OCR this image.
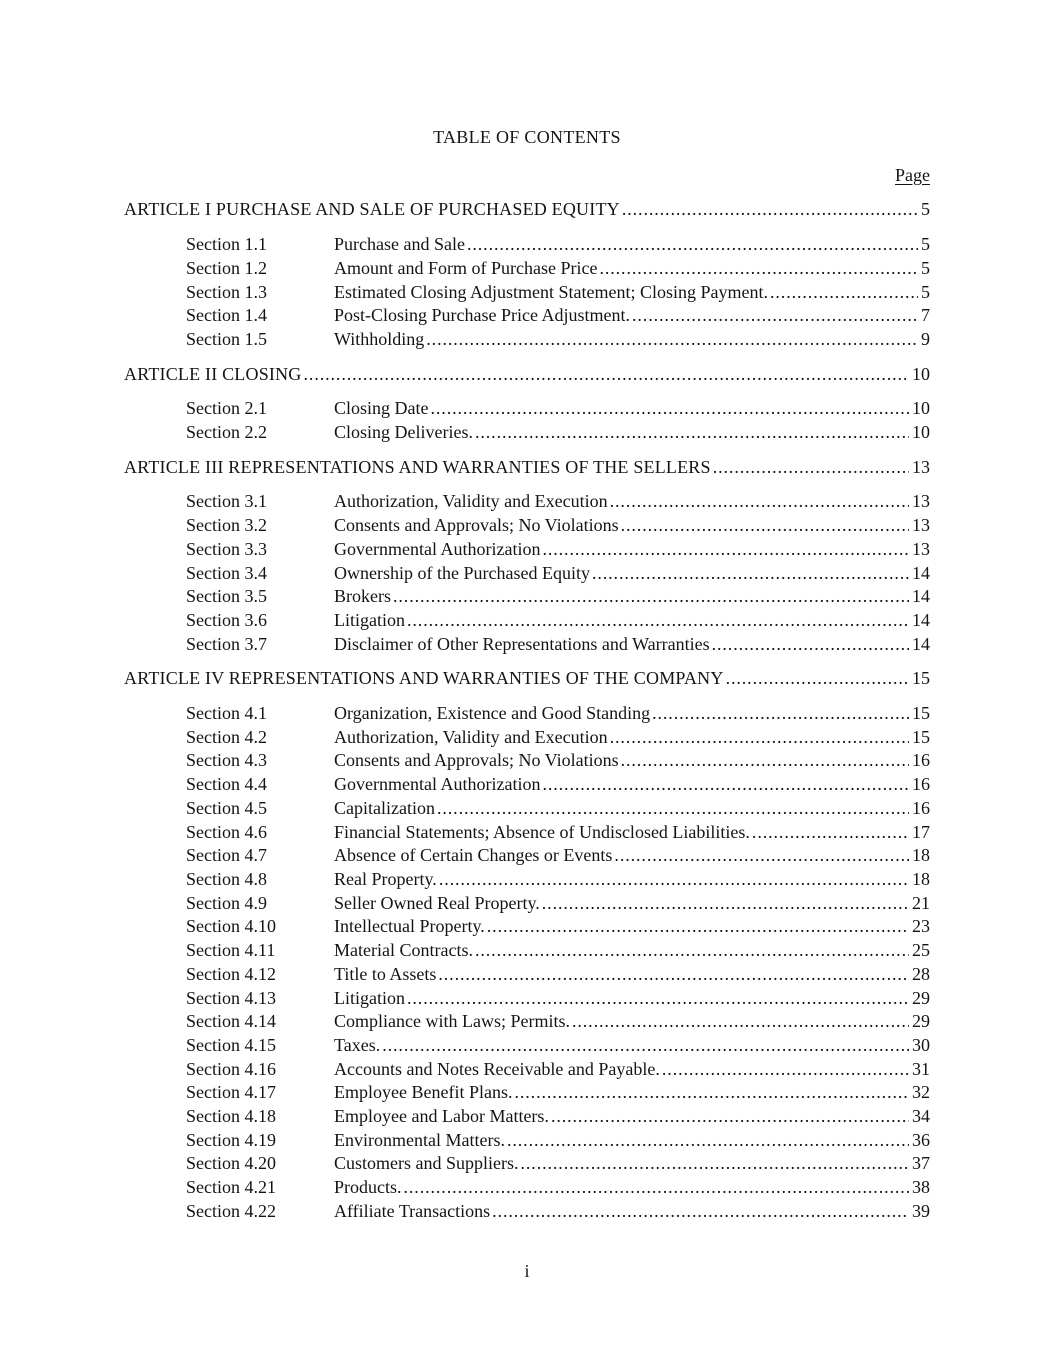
TABLE OF CONTENTS
Page
ARTICLE I PURCHASE AND SALE OF PURCHASED EQUITY .....	5
Section 1.1	Purchase and Sale .....	5
Section 1.2	Amount and Form of Purchase Price .....	5
Section 1.3	Estimated Closing Adjustment Statement; Closing Payment. .....	5
Section 1.4	Post-Closing Purchase Price Adjustment. .....	7
Section 1.5	Withholding .....	9
ARTICLE II CLOSING .....	10
Section 2.1	Closing Date .....	10
Section 2.2	Closing Deliveries. .....	10
ARTICLE III REPRESENTATIONS AND WARRANTIES OF THE SELLERS .....	13
Section 3.1	Authorization, Validity and Execution .....	13
Section 3.2	Consents and Approvals; No Violations .....	13
Section 3.3	Governmental Authorization .....	13
Section 3.4	Ownership of the Purchased Equity .....	14
Section 3.5	Brokers .....	14
Section 3.6	Litigation .....	14
Section 3.7	Disclaimer of Other Representations and Warranties .....	14
ARTICLE IV REPRESENTATIONS AND WARRANTIES OF THE COMPANY .....	15
Section 4.1	Organization, Existence and Good Standing .....	15
Section 4.2	Authorization, Validity and Execution .....	15
Section 4.3	Consents and Approvals; No Violations .....	16
Section 4.4	Governmental Authorization .....	16
Section 4.5	Capitalization .....	16
Section 4.6	Financial Statements; Absence of Undisclosed Liabilities. .....	17
Section 4.7	Absence of Certain Changes or Events .....	18
Section 4.8	Real Property. .....	18
Section 4.9	Seller Owned Real Property. .....	21
Section 4.10	Intellectual Property. .....	23
Section 4.11	Material Contracts. .....	25
Section 4.12	Title to Assets .....	28
Section 4.13	Litigation .....	29
Section 4.14	Compliance with Laws; Permits. .....	29
Section 4.15	Taxes. .....	30
Section 4.16	Accounts and Notes Receivable and Payable. .....	31
Section 4.17	Employee Benefit Plans. .....	32
Section 4.18	Employee and Labor Matters. .....	34
Section 4.19	Environmental Matters. .....	36
Section 4.20	Customers and Suppliers. .....	37
Section 4.21	Products. .....	38
Section 4.22	Affiliate Transactions .....	39
i
